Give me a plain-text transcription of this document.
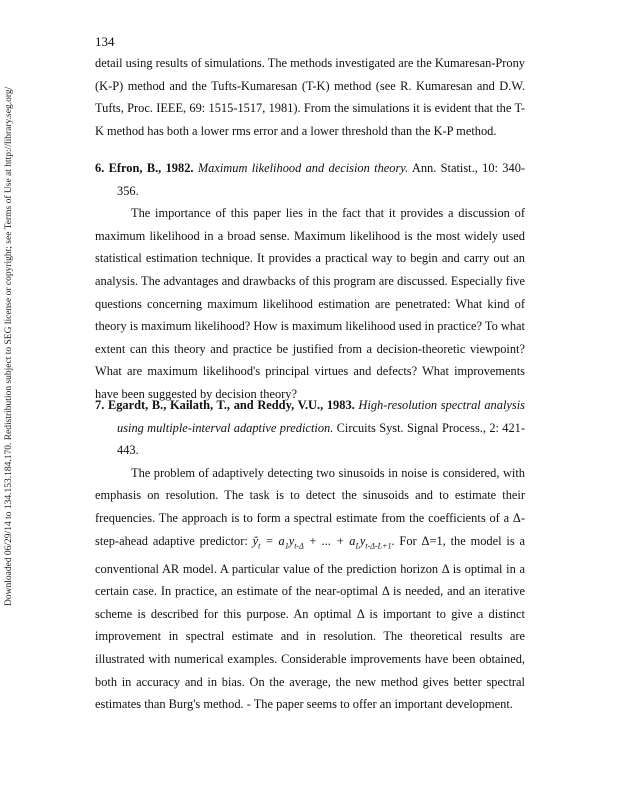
134
Downloaded 06/29/14 to 134.153.184.170. Redistribution subject to SEG license or copyright; see Terms of Use at http://library.seg.org/

detail using results of simulations. The methods investigated are the Kumaresan-Prony (K-P) method and the Tufts-Kumaresan (T-K) method (see R. Kumaresan and D.W. Tufts, Proc. IEEE, 69: 1515-1517, 1981). From the simulations it is evident that the T-K method has both a lower rms error and a lower threshold than the K-P method.

6. Efron, B., 1982. Maximum likelihood and decision theory. Ann. Statist., 10: 340-356.

The importance of this paper lies in the fact that it provides a discussion of maximum likelihood in a broad sense. Maximum likelihood is the most widely used statistical estimation technique. It provides a practical way to begin and carry out an analysis. The advantages and drawbacks of this program are discussed. Especially five questions concerning maximum likelihood estimation are penetrated: What kind of theory is maximum likelihood? How is maximum likelihood used in practice? To what extent can this theory and practice be justified from a decision-theoretic viewpoint? What are maximum likelihood's principal virtues and defects? What improvements have been suggested by decision theory?

7. Egardt, B., Kailath, T., and Reddy, V.U., 1983. High-resolution spectral analysis using multiple-interval adaptive prediction. Circuits Syst. Signal Process., 2: 421-443.

The problem of adaptively detecting two sinusoids in noise is considered, with emphasis on resolution. The task is to detect the sinusoids and to estimate their frequencies. The approach is to form a spectral estimate from the coefficients of a Δ-step-ahead adaptive predictor: $ŷ_t = a_1y_{t-\Delta}$ + ... + $a_Ly_{t-\Delta-L+1}$. For Δ=1, the model is a conventional AR model. A particular value of the prediction horizon Δ is optimal in a certain case. In practice, an estimate of the near-optimal Δ is needed, and an iterative scheme is described for this purpose. An optimal Δ is important to give a distinct improvement in spectral estimate and in resolution. The theoretical results are illustrated with numerical examples. Considerable improvements have been obtained, both in accuracy and in bias. On the average, the new method gives better spectral estimates than Burg's method. - The paper seems to offer an important development.
